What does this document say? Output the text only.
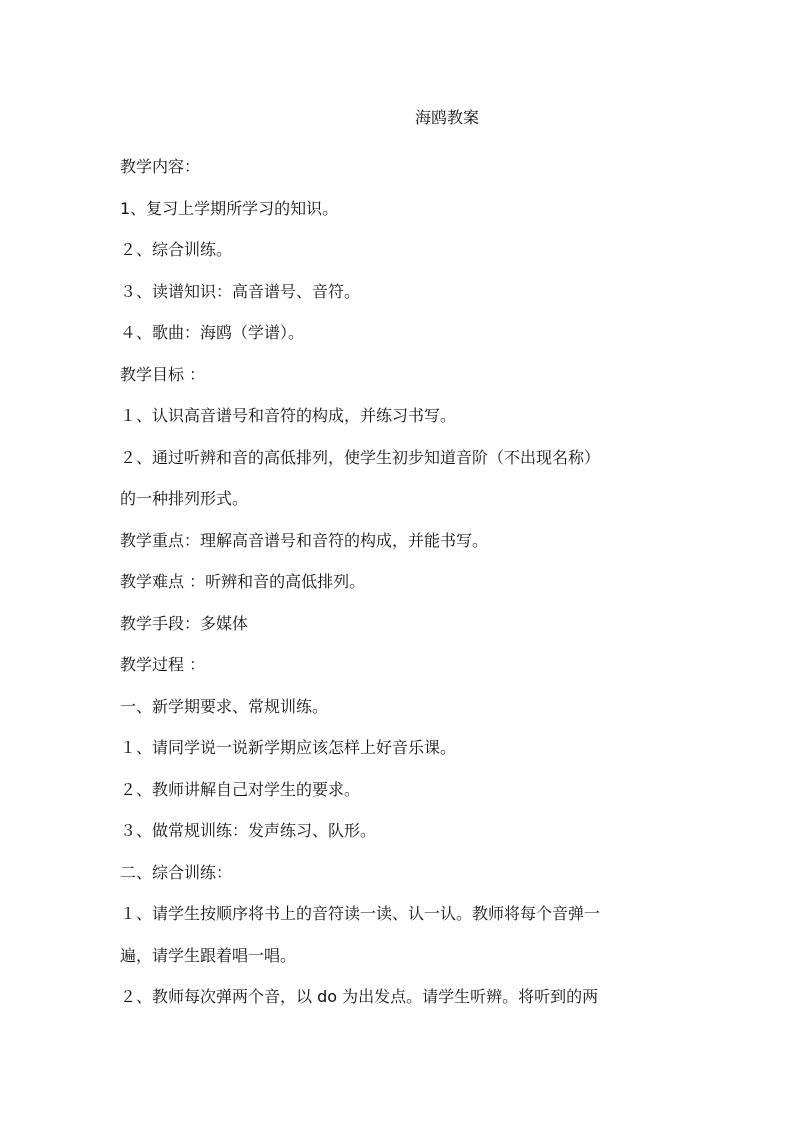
海鸥教案
教学内容：
1、复习上学期所学习的知识。
２、综合训练。
３、读谱知识：高音谱号、音符。
４、歌曲：海鸥（学谱）。
教学目标 ：
１、认识高音谱号和音符的构成，并练习书写。
２、通过听辨和音的高低排列，使学生初步知道音阶（不出现名称）
的一种排列形式。
教学重点：理解高音谱号和音符的构成，并能书写。
教学难点 ：听辨和音的高低排列。
教学手段：多媒体
教学过程 ：
一、新学期要求、常规训练。
１、请同学说一说新学期应该怎样上好音乐课。
２、教师讲解自己对学生的要求。
３、做常规训练：发声练习、队形。
二、综合训练：
１、请学生按顺序将书上的音符读一读、认一认。教师将每个音弹一
遍，请学生跟着唱一唱。
２、教师每次弹两个音，以 do 为出发点。请学生听辨。将听到的两
